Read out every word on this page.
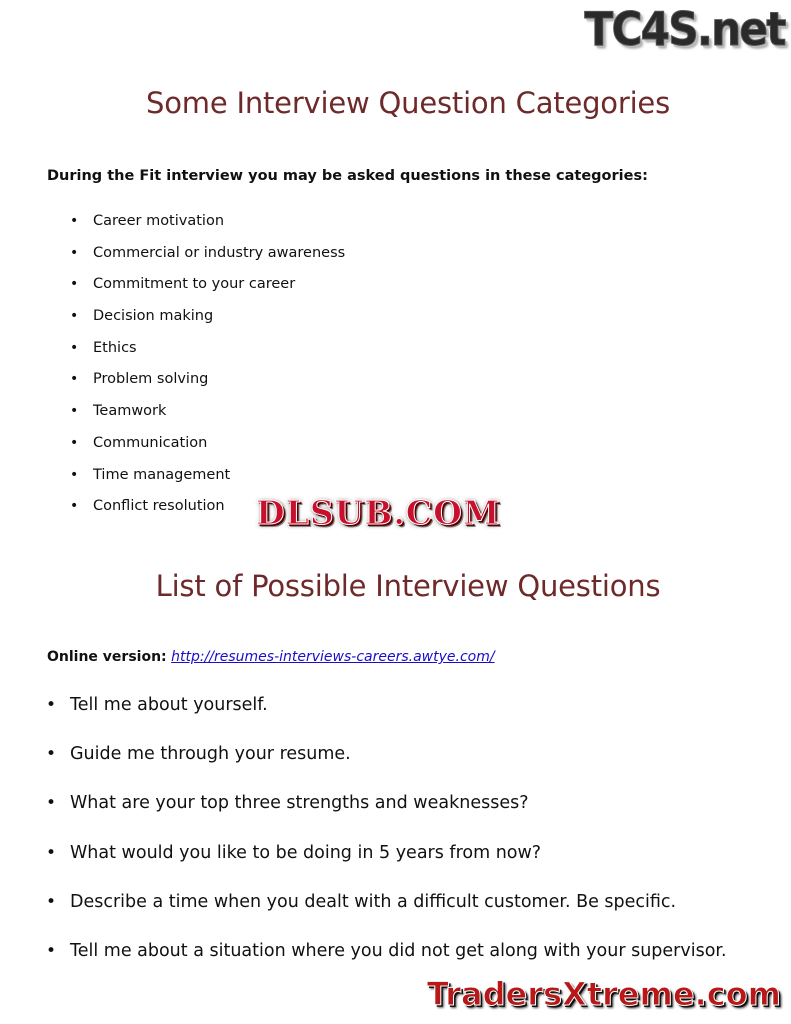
TC4S.net
Some Interview Question Categories

During the Fit interview you may be asked questions in these categories:

• Career motivation
• Commercial or industry awareness
• Commitment to your career
• Decision making
• Ethics
• Problem solving
• Teamwork
• Communication
• Time management
• Conflict resolution DLSUB.COM
List of Possible Interview Questions

Online version: http://resumes-interviews-careers.awtye.com/

• Tell me about yourself.
• Guide me through your resume.
• What are your top three strengths and weaknesses?
• What would you like to be doing in 5 years from now?
• Describe a time when you dealt with a difficult customer. Be specific.
• Tell me about a situation where you did not get along with your supervisor.
TradersXtreme.com
